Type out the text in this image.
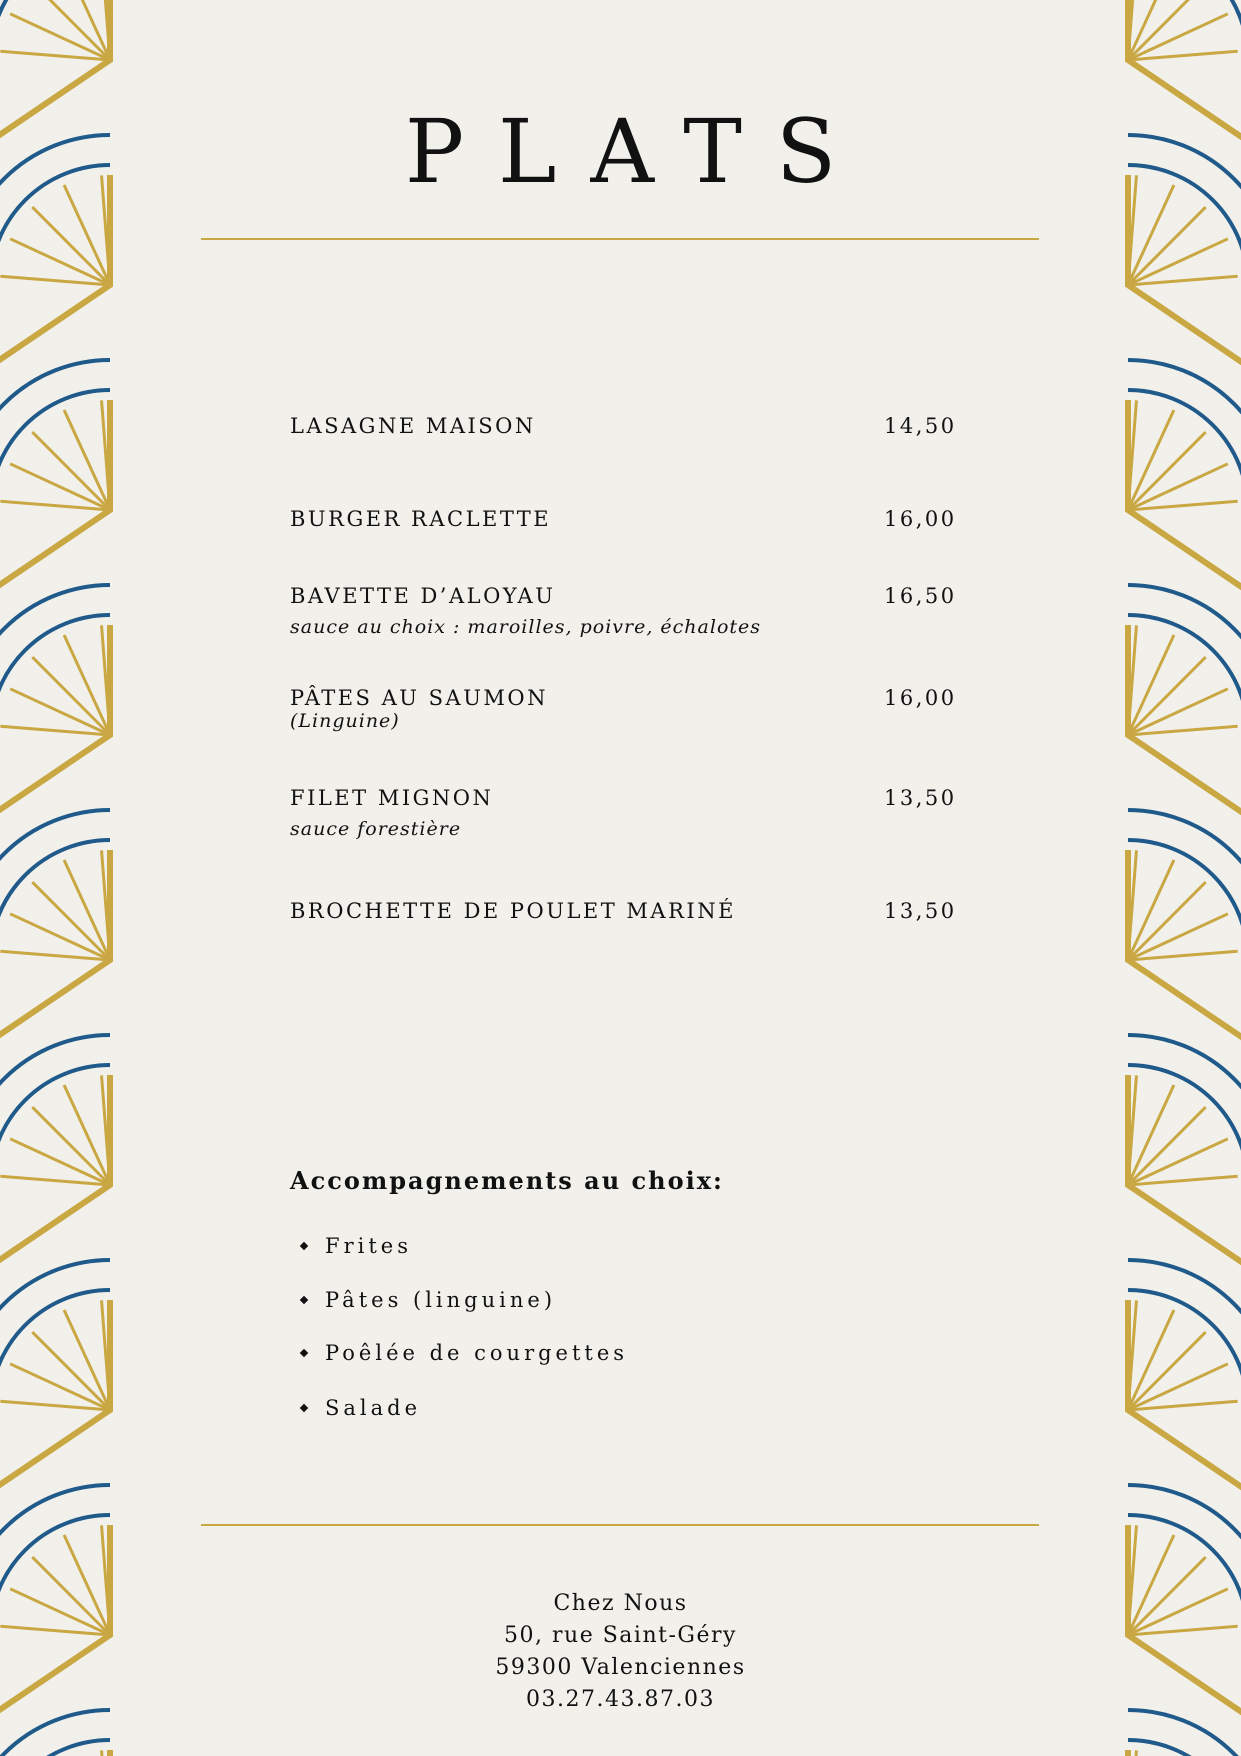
PLATS
LASAGNE MAISON	14,50
BURGER RACLETTE	16,00
BAVETTE D’ALOYAU	16,50
sauce au choix : maroilles, poivre, échalotes
PÂTES AU SAUMON	16,00
(Linguine)
FILET MIGNON	13,50
sauce forestière
BROCHETTE DE POULET MARINÉ	13,50
Accompagnements au choix:
Frites
Pâtes (linguine)
Poêlée de courgettes
Salade
Chez Nous
50, rue Saint-Géry
59300 Valenciennes
03.27.43.87.03
